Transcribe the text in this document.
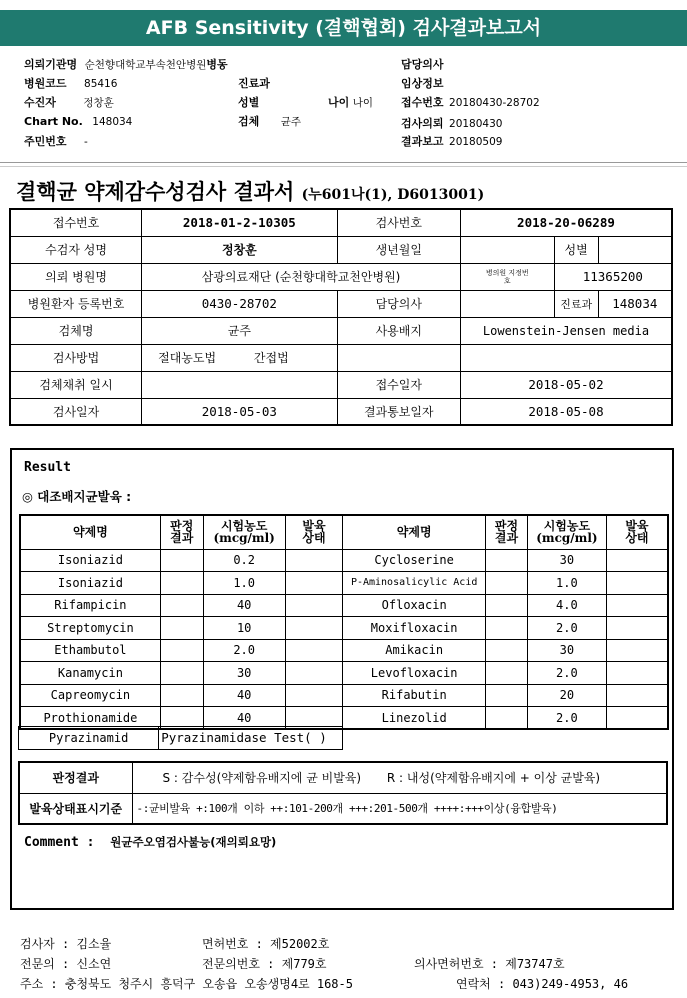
AFB Sensitivity (결핵협회) 검사결과보고서
의뢰기관명 순천향대학교부속천안병원병동	담당의사
병원코드 85416	진료과	임상정보
수진자	정창훈	성별	나이 나이	접수번호 20180430-28702
Chart No. 148034	검체 균주	검사의뢰 20180430
주민번호 -	결과보고 20180509
결핵균 약제감수성검사 결과서 (누601나(1), D6013001)
접수번호	2018-01-2-10305	검사번호	2018-20-06289		
수검자 성명	정창훈	생년월일		성별	
의뢰 병원명	삼광의료재단 (순천향대학교천안병원)		병의원 지정번호	11365200	
병원환자 등록번호	0430-28702	담당의사		진료과	148034
검체명	균주	사용배지	Lowenstein-Jensen media		
검사방법	절대농도법 간접법				
검체채취 일시		접수일자	2018-05-02		
검사일자	2018-05-03	결과통보일자	2018-05-08		
Result
◎ 대조배지균발육 :
약제명	판정 결과	시험농도 (mcg/ml)	발육 상태	약제명	판정 결과	시험농도 (mcg/ml)	발육 상태

Isoniazid		0.2		Cycloserine		30	
Isoniazid		1.0		P-Aminosalicylic Acid		1.0	
Rifampicin		40		Ofloxacin		4.0	
Streptomycin		10		Moxifloxacin		2.0	
Ethambutol		2.0		Amikacin		30	
Kanamycin		30		Levofloxacin		2.0	
Capreomycin		40		Rifabutin		20	
Prothionamide		40		Linezolid		2.0	
Pyrazinamid	Pyrazinamidase Test( )
판정결과	S : 감수성(약제함유배지에 균 비발육) R : 내성(약제함유배지에 + 이상 균발육)
발육상태표시기준	-:균비발육 +:100개 이하 ++:101-200개 +++:201-500개 ++++:+++이상(융합발육)
Comment : 원균주오염검사불능(재의뢰요망)
검사자 : 김소율	면허번호 : 제52002호
전문의 : 신소연	전문의번호 : 제779호	의사면허번호 : 제73747호
주소 : 충청북도 청주시 흥덕구 오송읍 오송생명4로 168-5	연락처 : 043)249-4953, 46
